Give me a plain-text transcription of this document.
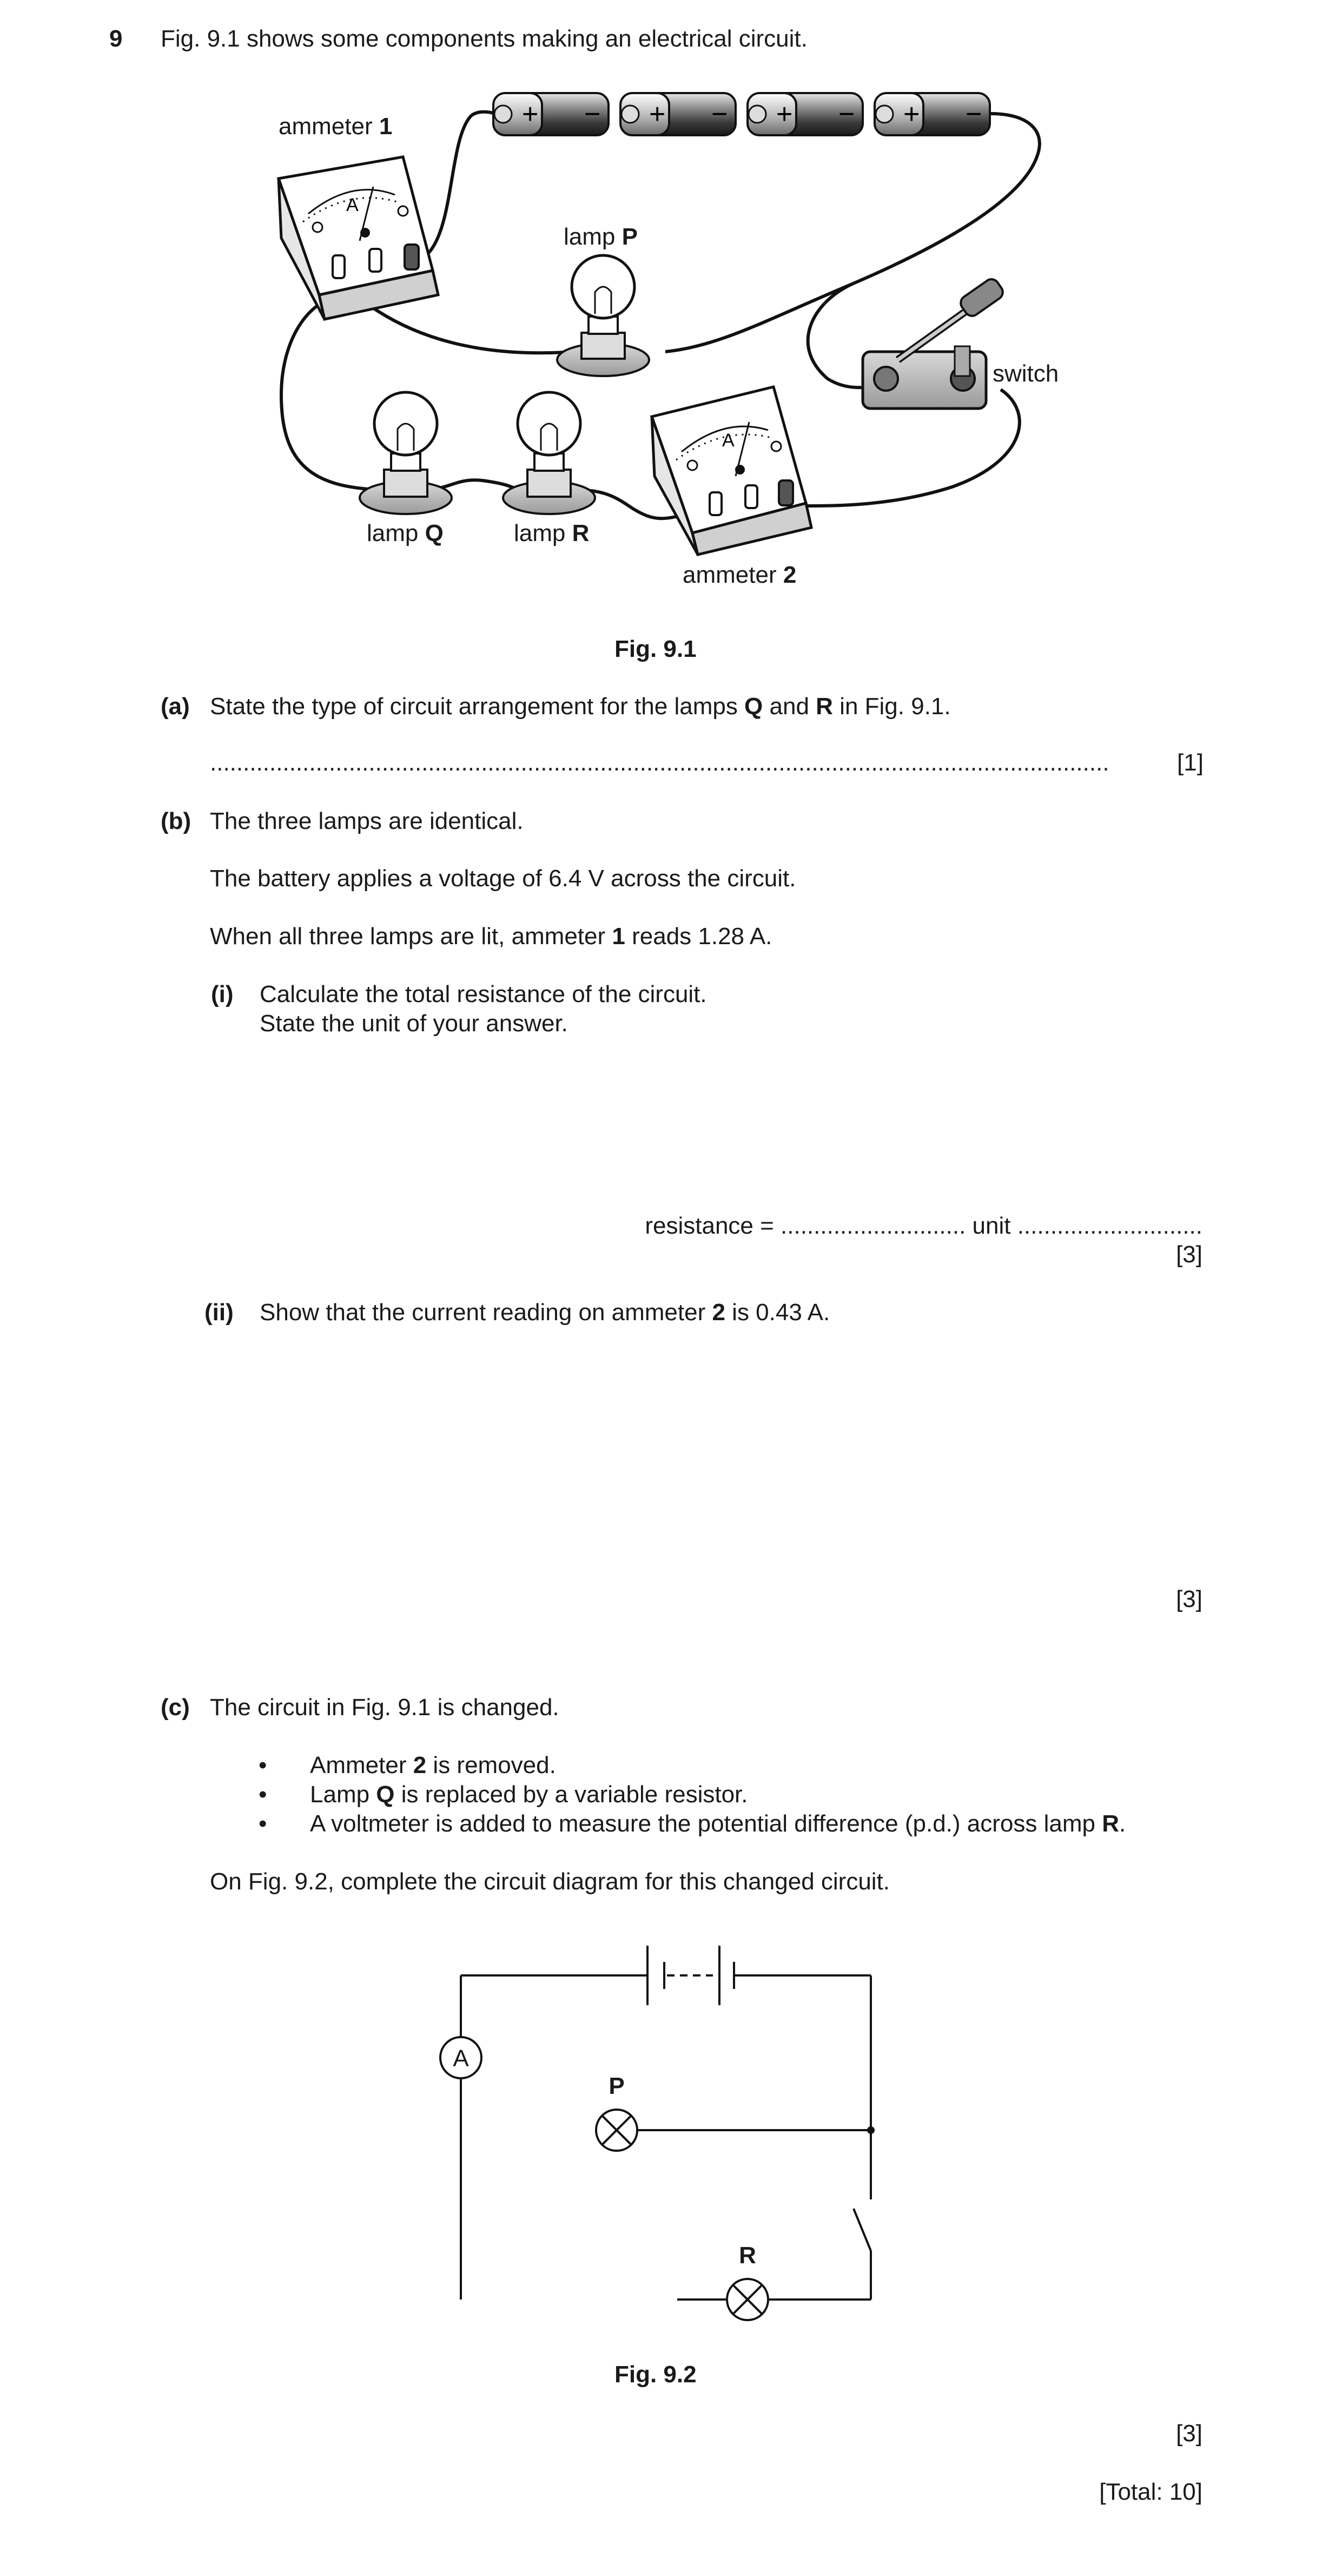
9 Fig. 9.1 shows some components making an electrical circuit.
+ − + − + − + −
A
ammeter 1
lamp P
switch
lamp Q	lamp R
A
ammeter 2
Fig. 9.1
(a) State the type of circuit arrangement for the lamps Q and R in Fig. 9.1.
........................................................................................................................................	[1]
(b) The three lamps are identical.
The battery applies a voltage of 6.4 V across the circuit.
When all three lamps are lit, ammeter 1 reads 1.28 A.
(i) Calculate the total resistance of the circuit.
State the unit of your answer.
resistance = ............................ unit ............................
[3]
(ii) Show that the current reading on ammeter 2 is 0.43 A.
[3]
(c) The circuit in Fig. 9.1 is changed.
• Ammeter 2 is removed.
• Lamp Q is replaced by a variable resistor.
• A voltmeter is added to measure the potential difference (p.d.) across lamp R.
On Fig. 9.2, complete the circuit diagram for this changed circuit.
A
P
R
Fig. 9.2
[3]
[Total: 10]
